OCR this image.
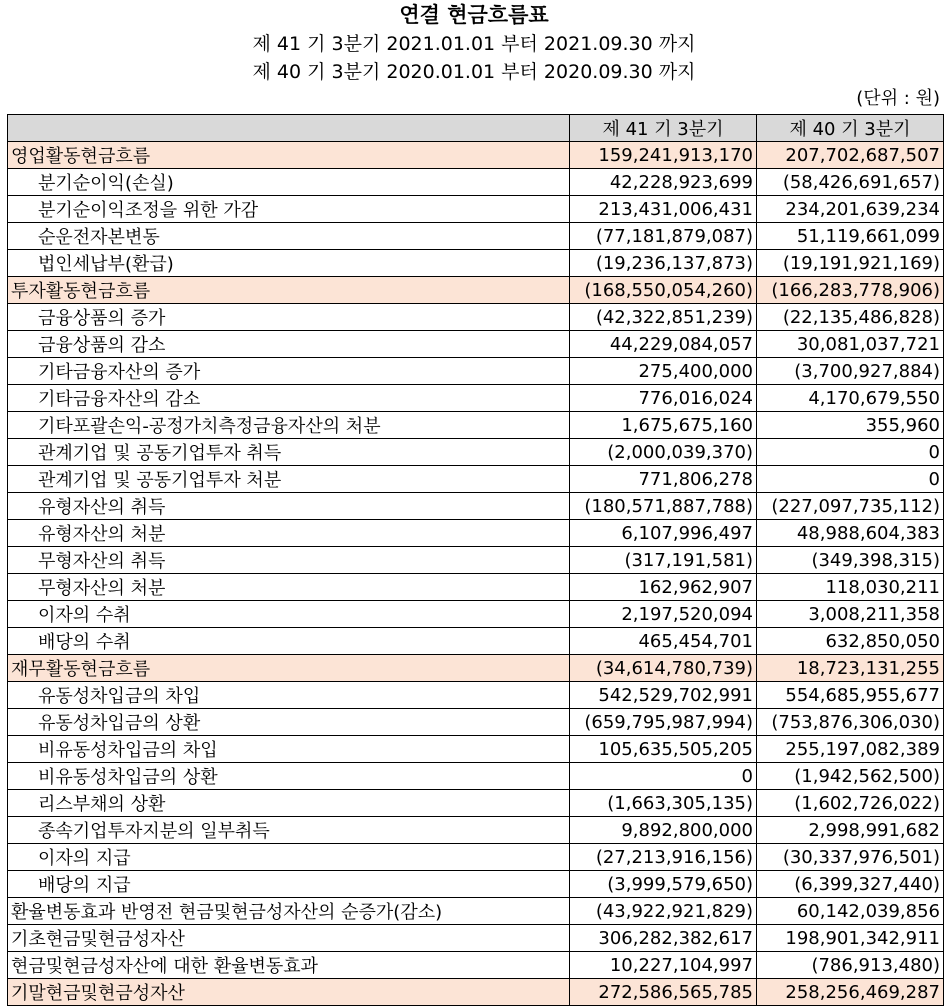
연결 현금흐름표
제 41 기 3분기 2021.01.01 부터 2021.09.30 까지
제 40 기 3분기 2020.01.01 부터 2020.09.30 까지
(단위 : 원)
	제 41 기 3분기	제 40 기 3분기
영업활동현금흐름	159,241,913,170	207,702,687,507
분기순이익(손실)	42,228,923,699	(58,426,691,657)
분기순이익조정을 위한 가감	213,431,006,431	234,201,639,234
순운전자본변동	(77,181,879,087)	51,119,661,099
법인세납부(환급)	(19,236,137,873)	(19,191,921,169)
투자활동현금흐름	(168,550,054,260)	(166,283,778,906)
금융상품의 증가	(42,322,851,239)	(22,135,486,828)
금융상품의 감소	44,229,084,057	30,081,037,721
기타금융자산의 증가	275,400,000	(3,700,927,884)
기타금융자산의 감소	776,016,024	4,170,679,550
기타포괄손익-공정가치측정금융자산의 처분	1,675,675,160	355,960
관계기업 및 공동기업투자 취득	(2,000,039,370)	0
관계기업 및 공동기업투자 처분	771,806,278	0
유형자산의 취득	(180,571,887,788)	(227,097,735,112)
유형자산의 처분	6,107,996,497	48,988,604,383
무형자산의 취득	(317,191,581)	(349,398,315)
무형자산의 처분	162,962,907	118,030,211
이자의 수취	2,197,520,094	3,008,211,358
배당의 수취	465,454,701	632,850,050
재무활동현금흐름	(34,614,780,739)	18,723,131,255
유동성차입금의 차입	542,529,702,991	554,685,955,677
유동성차입금의 상환	(659,795,987,994)	(753,876,306,030)
비유동성차입금의 차입	105,635,505,205	255,197,082,389
비유동성차입금의 상환	0	(1,942,562,500)
리스부채의 상환	(1,663,305,135)	(1,602,726,022)
종속기업투자지분의 일부취득	9,892,800,000	2,998,991,682
이자의 지급	(27,213,916,156)	(30,337,976,501)
배당의 지급	(3,999,579,650)	(6,399,327,440)
환율변동효과 반영전 현금및현금성자산의 순증가(감소)	(43,922,921,829)	60,142,039,856
기초현금및현금성자산	306,282,382,617	198,901,342,911
현금및현금성자산에 대한 환율변동효과	10,227,104,997	(786,913,480)
기말현금및현금성자산	272,586,565,785	258,256,469,287
